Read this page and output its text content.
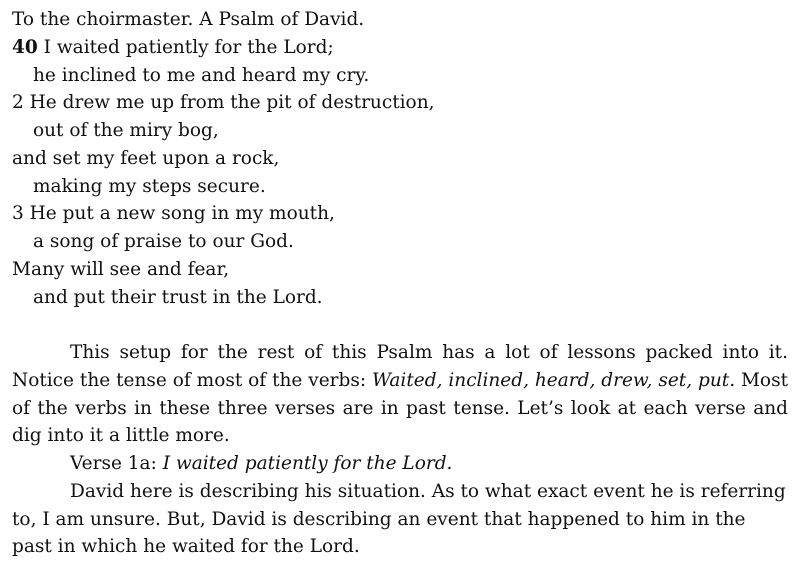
To the choirmaster. A Psalm of David.
40 I waited patiently for the Lord;
he inclined to me and heard my cry.
2 He drew me up from the pit of destruction,
out of the miry bog,
and set my feet upon a rock,
making my steps secure.
3 He put a new song in my mouth,
a song of praise to our God.
Many will see and fear,
and put their trust in the Lord.

This setup for the rest of this Psalm has a lot of lessons packed into it. Notice the tense of most of the verbs: Waited, inclined, heard, drew, set, put. Most of the verbs in these three verses are in past tense. Let’s look at each verse and dig into it a little more.

Verse 1a: I waited patiently for the Lord.

David here is describing his situation. As to what exact event he is referring to, I am unsure. But, David is describing an event that happened to him in the past in which he waited for the Lord.
